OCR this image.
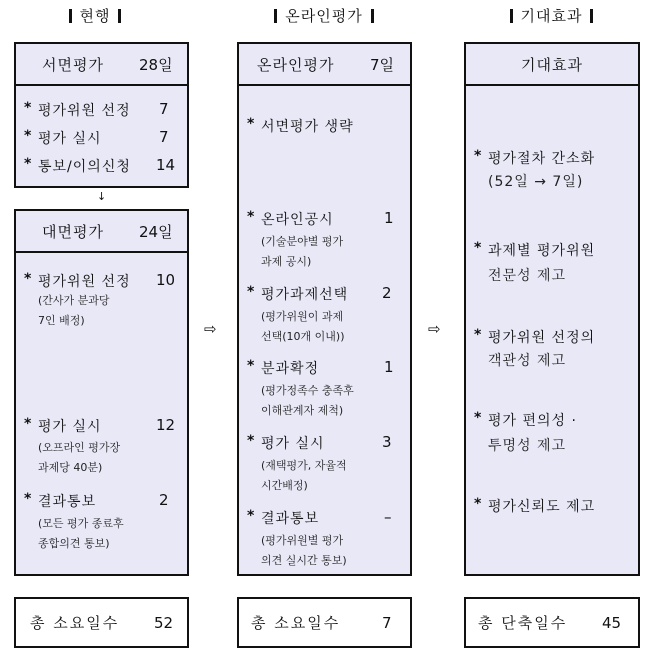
현행	온라인평가	기대효과
서면평가	28일
* 평가위원 선정 7
* 평가 실시	7
* 통보/이의신청 14
↓
대면평가	24일
* 평가위원 선정 10
(간사가 분과당
7인 배정)
* 평가 실시	12
(오프라인 평가장
과제당 40분)
* 결과통보	2
(모든 평가 종료후
종합의견 통보)
⇨
온라인평가	7일
* 서면평가 생략
* 온라인공시	1
(기술분야별 평가
과제 공시)
* 평가과제선택 2
(평가위원이 과제
선택(10개 이내))
* 분과확정	1
(평가정족수 충족후
이해관계자 제척)
* 평가 실시	3
(재택평가, 자율적
시간배정)
* 결과통보	–
(평가위원별 평가
의견 실시간 통보)
⇨
기대효과
* 평가절차 간소화
(52일 → 7일)
* 과제별 평가위원
전문성 제고
* 평가위원 선정의
객관성 제고
* 평가 편의성 ·
투명성 제고
* 평가신뢰도 제고
총 소요일수 52	총 소요일수	7	총 단축일수 45
